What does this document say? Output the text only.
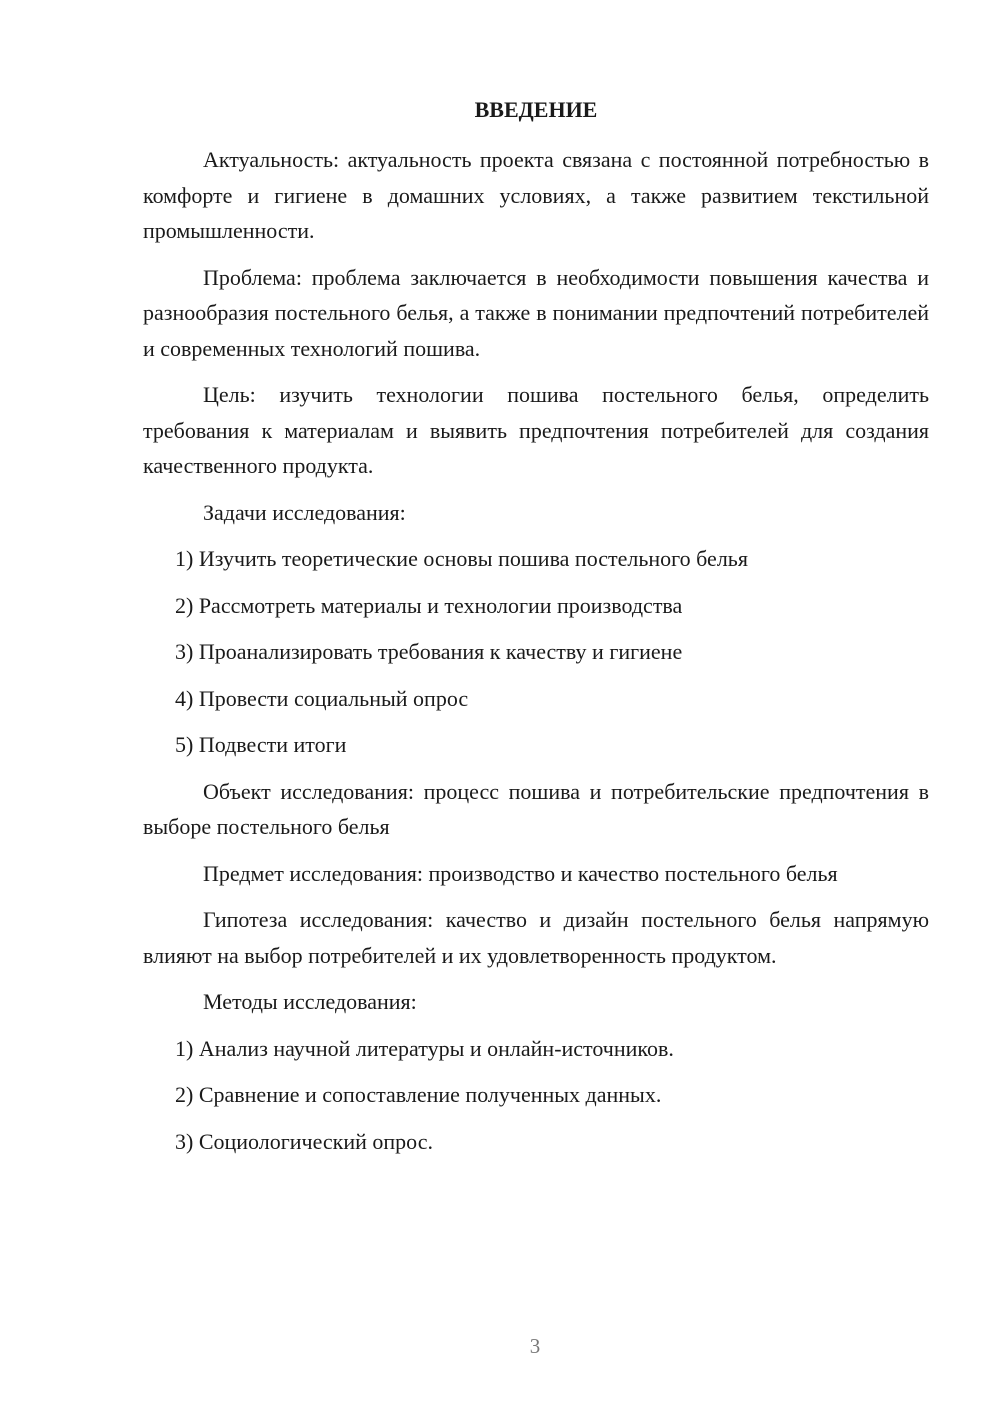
ВВЕДЕНИЕ

Актуальность: актуальность проекта связана с постоянной потребностью в комфорте и гигиене в домашних условиях, а также развитием текстильной промышленности.

Проблема: проблема заключается в необходимости повышения качества и разнообразия постельного белья, а также в понимании предпочтений потребителей и современных технологий пошива.

Цель: изучить технологии пошива постельного белья, определить требования к материалам и выявить предпочтения потребителей для создания качественного продукта.

Задачи исследования:

1) Изучить теоретические основы пошива постельного белья

2) Рассмотреть материалы и технологии производства

3) Проанализировать требования к качеству и гигиене

4) Провести социальный опрос

5) Подвести итоги

Объект исследования: процесс пошива и потребительские предпочтения в выборе постельного белья

Предмет исследования: производство и качество постельного белья

Гипотеза исследования: качество и дизайн постельного белья напрямую влияют на выбор потребителей и их удовлетворенность продуктом.

Методы исследования:

1) Анализ научной литературы и онлайн-источников.

2) Сравнение и сопоставление полученных данных.

3) Социологический опрос.

3
